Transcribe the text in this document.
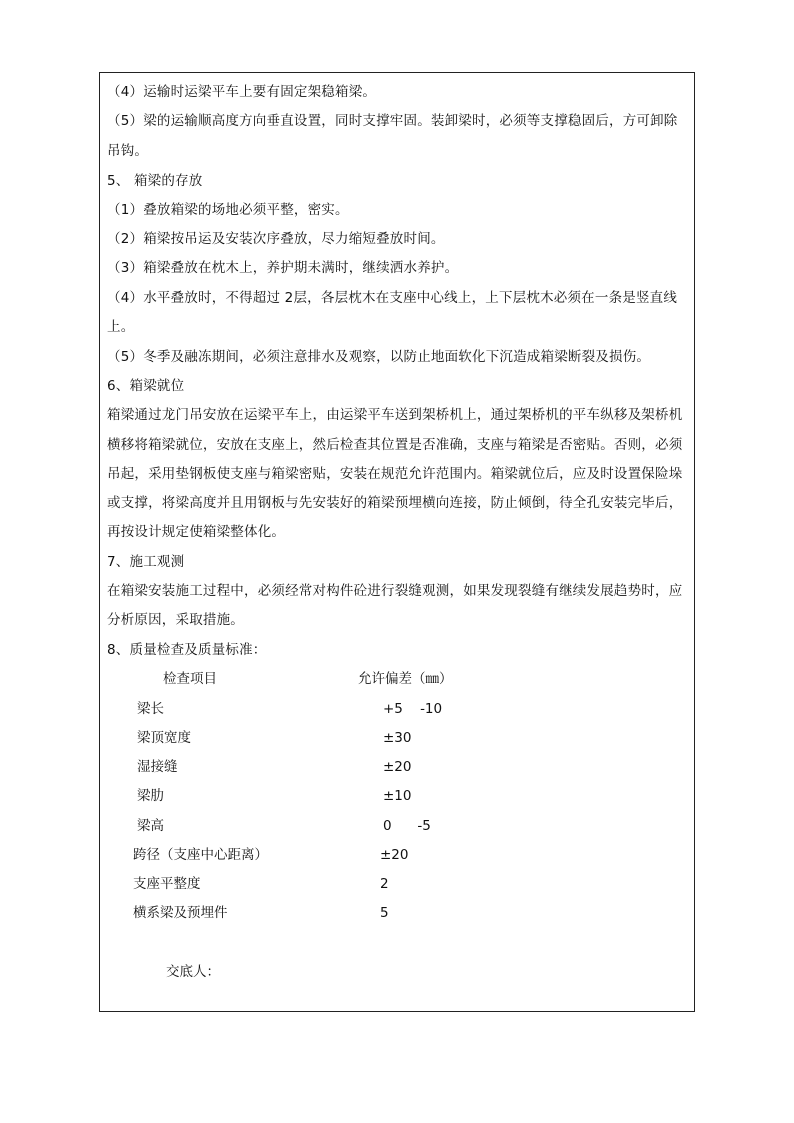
（4）运输时运梁平车上要有固定架稳箱梁。
（5）梁的运输顺高度方向垂直设置，同时支撑牢固。装卸梁时，必须等支撑稳固后，方可卸除
吊钩。
5、 箱梁的存放
（1）叠放箱梁的场地必须平整，密实。
（2）箱梁按吊运及安装次序叠放，尽力缩短叠放时间。
（3）箱梁叠放在枕木上，养护期未满时，继续洒水养护。
（4）水平叠放时，不得超过 2层，各层枕木在支座中心线上，上下层枕木必须在一条是竖直线
上。
（5）冬季及融冻期间，必须注意排水及观察，以防止地面软化下沉造成箱梁断裂及损伤。
6、箱梁就位
箱梁通过龙门吊安放在运梁平车上，由运梁平车送到架桥机上，通过架桥机的平车纵移及架桥机
横移将箱梁就位，安放在支座上，然后检查其位置是否准确，支座与箱梁是否密贴。否则，必须
吊起，采用垫钢板使支座与箱梁密贴，安装在规范允许范围内。箱梁就位后，应及时设置保险垛
或支撑，将梁高度并且用钢板与先安装好的箱梁预埋横向连接，防止倾倒，待全孔安装完毕后，
再按设计规定使箱梁整体化。
7、施工观测
在箱梁安装施工过程中，必须经常对构件砼进行裂缝观测，如果发现裂缝有继续发展趋势时，应
分析原因，采取措施。
8、质量检查及质量标准：
检查项目	允许偏差（㎜）
梁长	+5    -10
梁顶宽度	±30
湿接缝	±20
梁肋	±10
梁高	0      -5
跨径（支座中心距离）	±20
支座平整度	2
横系梁及预埋件	5
交底人：
